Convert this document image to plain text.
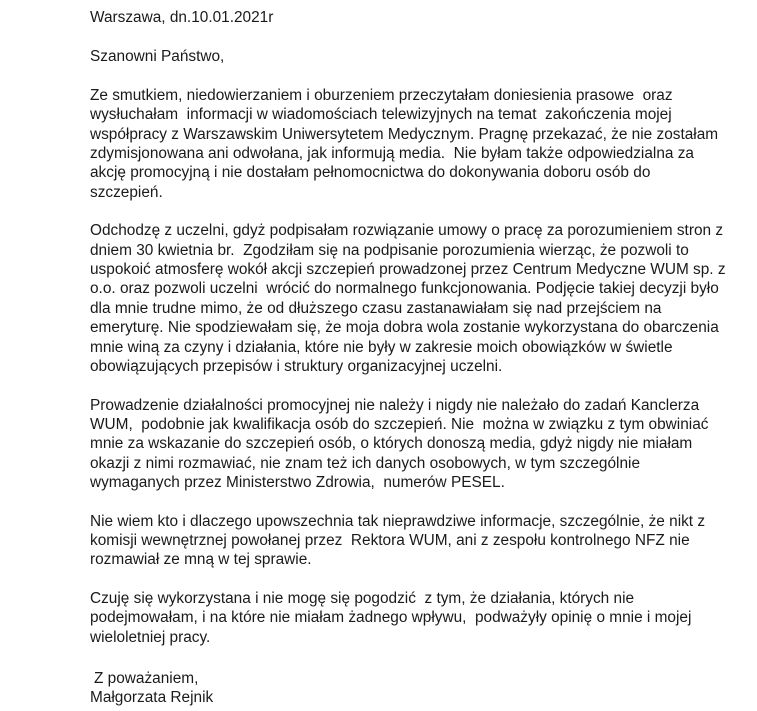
Warszawa, dn.10.01.2021r
Szanowni Państwo,
Ze smutkiem, niedowierzaniem i oburzeniem przeczytałam doniesienia prasowe  oraz
wysłuchałam  informacji w wiadomościach telewizyjnych na temat  zakończenia mojej
współpracy z Warszawskim Uniwersytetem Medycznym. Pragnę przekazać, że nie zostałam
zdymisjonowana ani odwołana, jak informują media.  Nie byłam także odpowiedzialna za
akcję promocyjną i nie dostałam pełnomocnictwa do dokonywania doboru osób do
szczepień.
Odchodzę z uczelni, gdyż podpisałam rozwiązanie umowy o pracę za porozumieniem stron z
dniem 30 kwietnia br.  Zgodziłam się na podpisanie porozumienia wierząc, że pozwoli to
uspokoić atmosferę wokół akcji szczepień prowadzonej przez Centrum Medyczne WUM sp. z
o.o. oraz pozwoli uczelni  wrócić do normalnego funkcjonowania. Podjęcie takiej decyzji było
dla mnie trudne mimo, że od dłuższego czasu zastanawiałam się nad przejściem na
emeryturę. Nie spodziewałam się, że moja dobra wola zostanie wykorzystana do obarczenia
mnie winą za czyny i działania, które nie były w zakresie moich obowiązków w świetle
obowiązujących przepisów i struktury organizacyjnej uczelni.
Prowadzenie działalności promocyjnej nie należy i nigdy nie należało do zadań Kanclerza
WUM,  podobnie jak kwalifikacja osób do szczepień. Nie  można w związku z tym obwiniać
mnie za wskazanie do szczepień osób, o których donoszą media, gdyż nigdy nie miałam
okazji z nimi rozmawiać, nie znam też ich danych osobowych, w tym szczególnie
wymaganych przez Ministerstwo Zdrowia,  numerów PESEL.
Nie wiem kto i dlaczego upowszechnia tak nieprawdziwe informacje, szczególnie, że nikt z
komisji wewnętrznej powołanej przez  Rektora WUM, ani z zespołu kontrolnego NFZ nie
rozmawiał ze mną w tej sprawie.
Czuję się wykorzystana i nie mogę się pogodzić  z tym, że działania, których nie
podejmowałam, i na które nie miałam żadnego wpływu,  podważyły opinię o mnie i mojej
wieloletniej pracy.
Z poważaniem,
Małgorzata Rejnik
